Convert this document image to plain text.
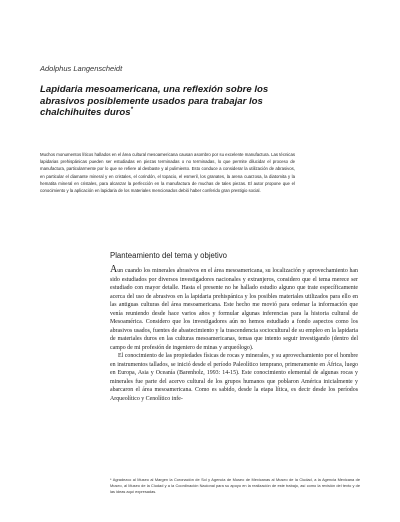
Adolphus Langenscheidt
Lapidaria mesoamericana, una reflexión sobre los abrasivos posiblemente usados para trabajar los chalchihuites duros*
Muchos monumentos líticos hallados en el área cultural mesoamericana causan asombro por su excelente manufactura. Las técnicas lapidarias prehispánicas pueden ser estudiadas en piezas terminadas o no terminadas, lo que permite dilucidar el proceso de manufactura, particularmente por lo que se refiere al desbaste y al pulimiento. Esto conduce a considerar la utilización de abrasivos, en particular el diamante mineral y en cristales, el corindón, el topacio, el esmeril, los granates, la arena cuarzosa, la diatomita y la hematita mineral en cristales, para alcanzar la perfección en la manufactura de muchas de tales piezas. El autor propone que el conocimiento y la aplicación en lapidaria de los materiales mencionados debió haber conferido gran prestigio social.
Planteamiento del tema y objetivo

Aun cuando los minerales abrasivos en el área mesoamericana, su localización y aprovechamiento han sido estudiados por diversos investigadores nacionales y extranjeros, considero que el tema merece ser estudiado con mayor detalle. Hasta el presente no he hallado estudio alguno que trate específicamente acerca del uso de abrasivos en la lapidaria prehispánica y los posibles materiales utilizados para ello en las antiguas culturas del área mesoamericana. Este hecho me movió para ordenar la información que venía reuniendo desde hace varios años y formular algunas inferencias para la historia cultural de Mesoamérica. Considero que los investigadores aún no hemos estudiado a fondo aspectos como los abrasivos usados, fuentes de abastecimiento y la trascendencia sociocultural de su empleo en la lapidaria de materiales duros en las culturas mesoamericanas, temas que intento seguir investigando (dentro del campo de mi profesión de ingeniero de minas y arqueólogo).

El conocimiento de las propiedades físicas de rocas y minerales, y su aprovechamiento por el hombre en instrumentos tallados, se inició desde el período Paleolítico temprano, primeramente en África, luego en Europa, Asia y Oceanía (Barenholz, 1993: 14-15). Este conocimiento elemental de algunas rocas y minerales fue parte del acervo cultural de los grupos humanos que poblaron América inicialmente y abarcaron el área mesoamericana. Como es sabido, desde la etapa lítica, es decir desde los períodos Arqueolítico y Cenolítico infe-

* Agradezco al Museo al Margen la Coronación de Sol y Agencia de Museo de Mexicanas al Museo de la Ciudad, a la Agencia Mexicana de Museo, al Museo de la Ciudad y a la Coordinación Nacional para su apoyo en la realización de este trabajo, así como la revisión del texto y de las ideas aquí expresadas.
